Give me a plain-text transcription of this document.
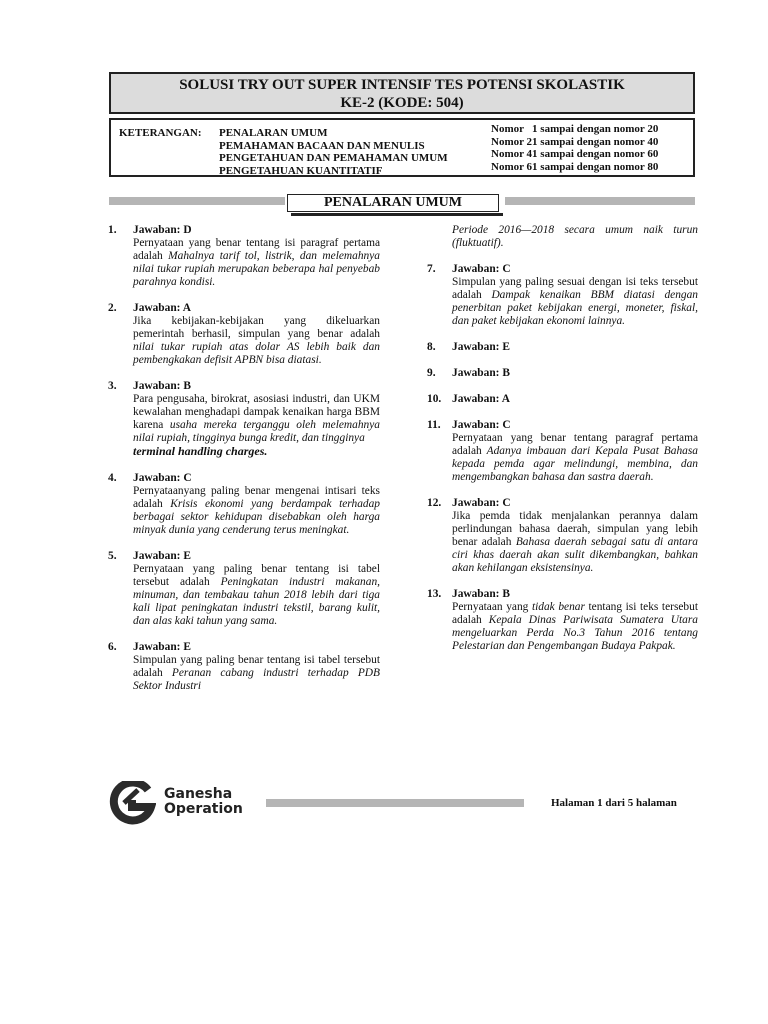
SOLUSI TRY OUT SUPER INTENSIF TES POTENSI SKOLASTIK
KE-2 (KODE: 504)
KETERANGAN: PENALARAN UMUM
PEMAHAMAN BACAAN DAN MENULIS
PENGETAHUAN DAN PEMAHAMAN UMUM
PENGETAHUAN KUANTITATIF
Nomor   1 sampai dengan nomor 20
Nomor 21 sampai dengan nomor 40
Nomor 41 sampai dengan nomor 60
Nomor 61 sampai dengan nomor 80
PENALARAN UMUM
1.	Jawaban: D
Pernyataan yang benar tentang isi paragraf pertama adalah Mahalnya tarif tol, listrik, dan melemahnya nilai tukar rupiah merupakan beberapa hal penyebab parahnya kondisi.
2.	Jawaban: A
Jika kebijakan-kebijakan yang dikeluarkan pemerintah berhasil, simpulan yang benar adalah nilai tukar rupiah atas dolar AS lebih baik dan pembengkakan defisit APBN bisa diatasi.
3.	Jawaban: B
Para pengusaha, birokrat, asosiasi industri, dan UKM kewalahan menghadapi dampak kenaikan harga BBM karena usaha mereka terganggu oleh melemahnya nilai rupiah, tingginya bunga kredit, dan tingginya
terminal handling charges.
4.	Jawaban: C
Pernyataanyang paling benar mengenai intisari teks adalah Krisis ekonomi yang berdampak terhadap berbagai sektor kehidupan disebabkan oleh harga minyak dunia yang cenderung terus meningkat.
5.	Jawaban: E
Pernyataan yang paling benar tentang isi tabel tersebut adalah Peningkatan industri makanan, minuman, dan tembakau tahun 2018 lebih dari tiga kali lipat peningkatan industri tekstil, barang kulit, dan alas kaki tahun yang sama.
6.	Jawaban: E
Simpulan yang paling benar tentang isi tabel tersebut adalah Peranan cabang industri terhadap PDB Sektor Industri
Periode 2016—2018 secara umum naik turun (fluktuatif).
7.	Jawaban: C
Simpulan yang paling sesuai dengan isi teks tersebut adalah Dampak kenaikan BBM diatasi dengan penerbitan paket kebijakan energi, moneter, fiskal, dan paket kebijakan ekonomi lainnya.
8.	Jawaban: E
9.	Jawaban: B
10. Jawaban: A
11. Jawaban: C
Pernyataan yang benar tentang paragraf pertama adalah Adanya imbauan dari Kepala Pusat Bahasa kepada pemda agar melindungi, membina, dan mengembangkan bahasa dan sastra daerah.
12. Jawaban: C
Jika pemda tidak menjalankan perannya dalam perlindungan bahasa daerah, simpulan yang lebih benar adalah Bahasa daerah sebagai satu di antara ciri khas daerah akan sulit dikembangkan, bahkan akan kehilangan eksistensinya.
13. Jawaban: B
Pernyataan yang tidak benar tentang isi teks tersebut adalah Kepala Dinas Pariwisata Sumatera Utara mengeluarkan Perda No.3 Tahun 2016 tentang Pelestarian dan Pengembangan Budaya Pakpak.
Ganesha
Operation	Halaman 1 dari 5 halaman
